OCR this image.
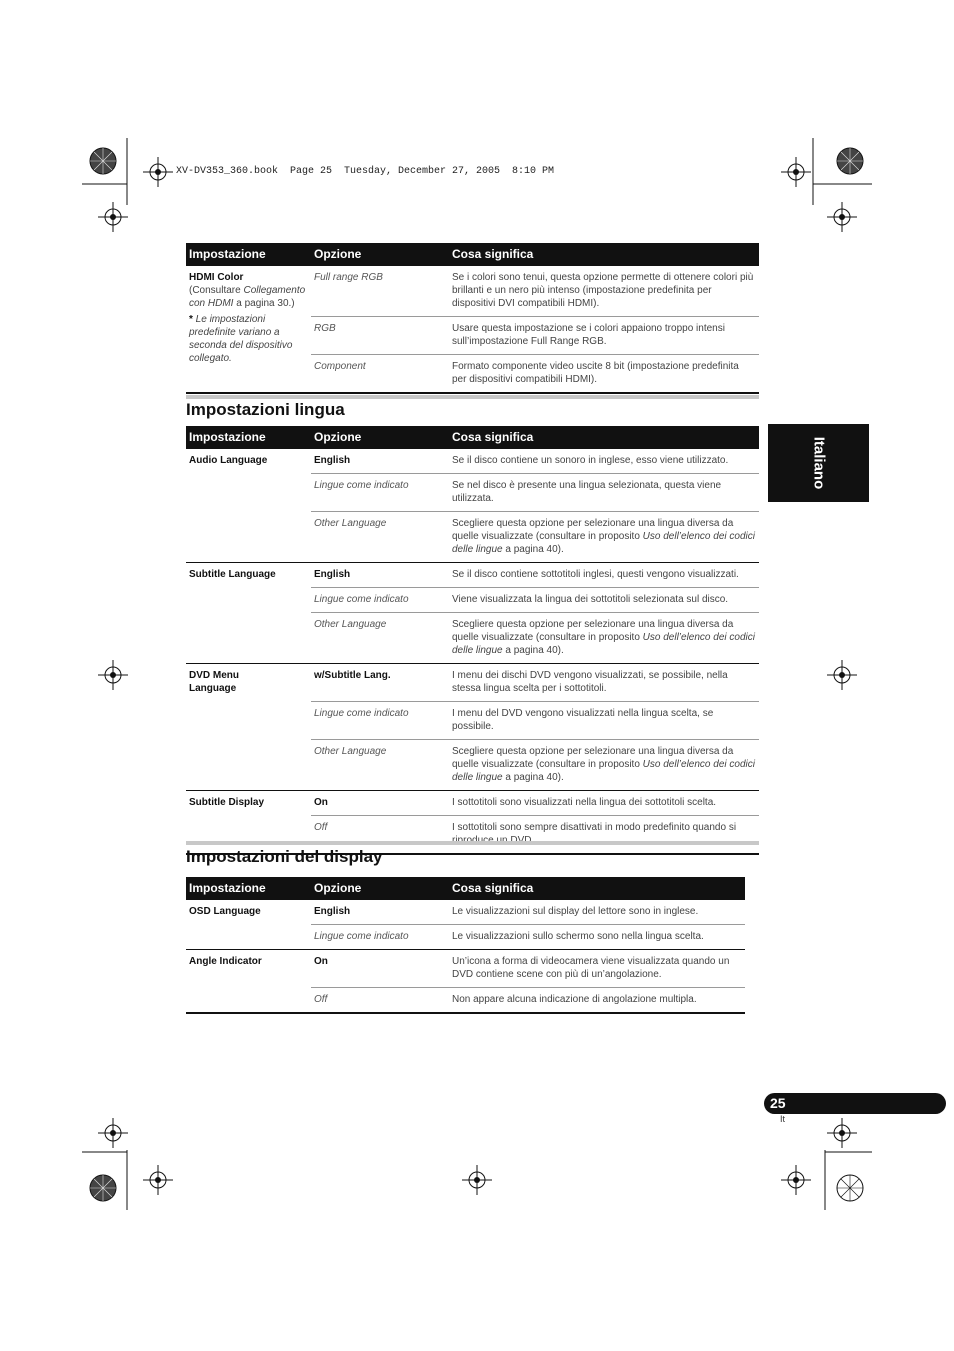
XV-DV353_360.book  Page 25  Tuesday, December 27, 2005  8:10 PM
Impostazione	Opzione	Cosa significa
HDMI Color
(Consultare Collegamento con HDMI a pagina 30.)
* Le impostazioni predefinite variano a seconda del dispositivo collegato.	Full range RGB	Se i colori sono tenui, questa opzione permette di ottenere colori più brillanti e un nero più intenso (impostazione predefinita per dispositivi DVI compatibili HDMI).
	RGB	Usare questa impostazione se i colori appaiono troppo intensi sull’impostazione Full Range RGB.
	Component	Formato componente video uscite 8 bit (impostazione predefinita per dispositivi compatibili HDMI).
Impostazioni lingua
Impostazione	Opzione	Cosa significa
Audio Language	English	Se il disco contiene un sonoro in inglese, esso viene utilizzato.
	Lingue come indicato	Se nel disco è presente una lingua selezionata, questa viene utilizzata.
	Other Language	Scegliere questa opzione per selezionare una lingua diversa da quelle visualizzate (consultare in proposito Uso dell’elenco dei codici delle lingue a pagina 40).
Subtitle Language	English	Se il disco contiene sottotitoli inglesi, questi vengono visualizzati.
	Lingue come indicato	Viene visualizzata la lingua dei sottotitoli selezionata sul disco.
	Other Language	Scegliere questa opzione per selezionare una lingua diversa da quelle visualizzate (consultare in proposito Uso dell’elenco dei codici delle lingue a pagina 40).
DVD Menu Language	w/Subtitle Lang.	I menu dei dischi DVD vengono visualizzati, se possibile, nella stessa lingua scelta per i sottotitoli.
	Lingue come indicato	I menu del DVD vengono visualizzati nella lingua scelta, se possibile.
	Other Language	Scegliere questa opzione per selezionare una lingua diversa da quelle visualizzate (consultare in proposito Uso dell’elenco dei codici delle lingue a pagina 40).
Subtitle Display	On	I sottotitoli sono visualizzati nella lingua dei sottotitoli scelta.
	Off	I sottotitoli sono sempre disattivati in modo predefinito quando si
Impostazioni del display
Impostazione	Opzione	Cosa significa
OSD Language	English	Le visualizzazioni sul display del lettore sono in inglese.
	Lingue come indicato	Le visualizzazioni sullo schermo sono nella lingua scelta.
Angle Indicator	On	Un’icona a forma di videocamera viene visualizzata quando un DVD contiene scene con più di un’angolazione.
	Off	Non appare alcuna indicazione di angolazione multipla.
Italiano
25
It
